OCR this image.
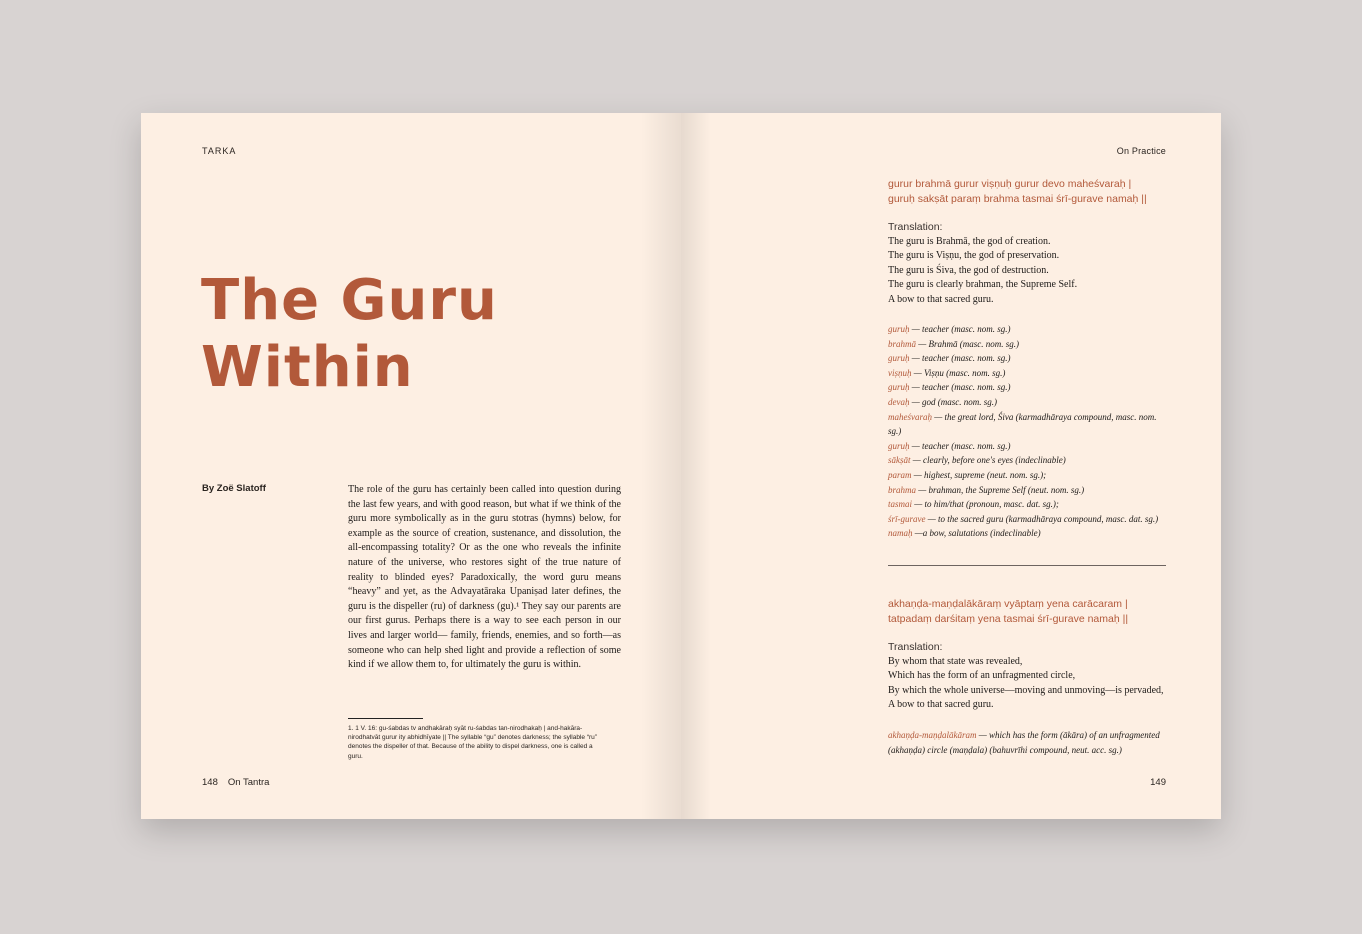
TARKA
The Guru
Within
By Zoë Slatoff	The role of the guru has certainly been called into question during the last few years, and with good reason, but what if we think of the guru more symbolically as in the guru stotras (hymns) below, for example as the source of creation, sustenance, and dissolution, the all-encompassing totality? Or as the one who reveals the infinite nature of the universe, who restores sight of the true nature of reality to blinded eyes? Paradoxically, the word guru means “heavy” and yet, as the Advayatāraka Upaniṣad later defines, the guru is the dispeller (ru) of darkness (gu).¹ They say our parents are our first gurus. Perhaps there is a way to see each person in our lives and larger world— family, friends, enemies, and so forth—as someone who can help shed light and provide a reflection of some kind if we allow them to, for ultimately the guru is within.
1. 1 V. 16: gu-śabdas tv andhakāraḥ syāt ru-śabdas tan-nirodhakaḥ | and-hakāra-nirodhatvāt gurur ity abhidhīyate || The syllable “gu” denotes darkness; the syllable “ru” denotes the dispeller of that. Because of the ability to dispel darkness, one is called a guru.
148 On Tantra
On Practice
gurur brahmā gurur viṣṇuḥ gurur devo maheśvaraḥ |
guruḥ sakṣāt paraṃ brahma tasmai śrī-gurave namaḥ ||
Translation:
The guru is Brahmā, the god of creation.
The guru is Viṣṇu, the god of preservation.
The guru is Śiva, the god of destruction.
The guru is clearly brahman, the Supreme Self.
A bow to that sacred guru.
guruḥ — teacher (masc. nom. sg.)
brahmā — Brahmā (masc. nom. sg.)
guruḥ — teacher (masc. nom. sg.)
viṣṇuḥ — Viṣṇu (masc. nom. sg.)
guruḥ — teacher (masc. nom. sg.)
devaḥ — god (masc. nom. sg.)
maheśvaraḥ — the great lord, Śiva (karmadhāraya compound, masc. nom. sg.)
guruḥ — teacher (masc. nom. sg.)
sākṣāt — clearly, before one's eyes (indeclinable)
param — highest, supreme (neut. nom. sg.);
brahma — brahman, the Supreme Self (neut. nom. sg.)
tasmai — to him/that (pronoun, masc. dat. sg.);
śrī-gurave — to the sacred guru (karmadhāraya compound, masc. dat. sg.)
namaḥ —a bow, salutations (indeclinable)
akhaṇḍa-maṇḍalākāraṃ vyāptaṃ yena carācaram |
tatpadaṃ darśitaṃ yena tasmai śrī-gurave namaḥ ||
Translation:
By whom that state was revealed,
Which has the form of an unfragmented circle,
By which the whole universe—moving and unmoving—is pervaded,
A bow to that sacred guru.
akhaṇḍa-maṇḍalākāram — which has the form (ākāra) of an unfragmented (akhaṇḍa) circle (maṇḍala) (bahuvrīhi compound, neut. acc. sg.)
149
